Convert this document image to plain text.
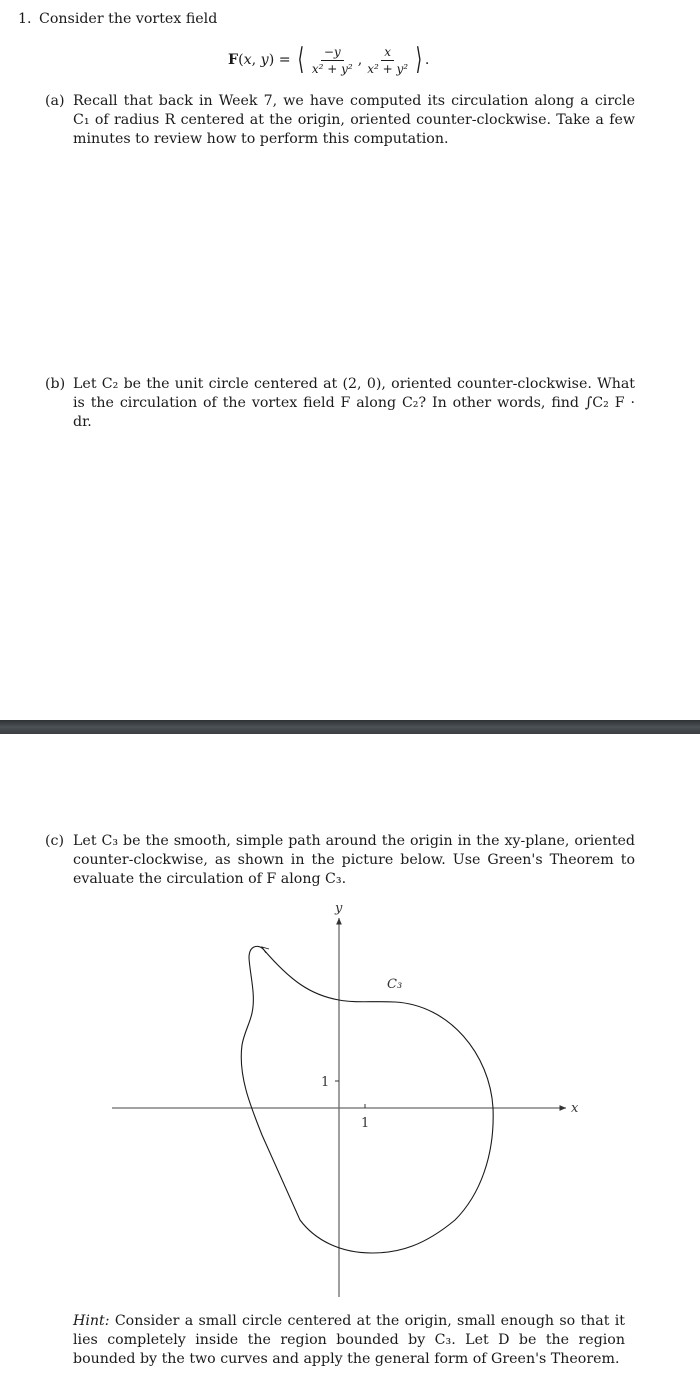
1. Consider the vortex field
F(x, y) = ⟨ $\frac{-y}{\text{x² + y²}}$ , $\frac{x}{\text{x² + y²}}$ ⟩ .
(a) Recall that back in Week 7, we have computed its circulation along a circle C₁ of radius R centered at the origin, oriented counter-clockwise. Take a few minutes to review how to perform this computation.
(b) Let C₂ be the unit circle centered at (2, 0), oriented counter-clockwise. What is the circulation of the vortex field F along C₂? In other words, find ∫C₂ F · dr.
(c) Let C₃ be the smooth, simple path around the origin in the xy-plane, oriented counter-clockwise, as shown in the picture below. Use Green's Theorem to evaluate the circulation of F along C₃.
1
1
x
y
C₃
Hint: Consider a small circle centered at the origin, small enough so that it lies completely inside the region bounded by C₃. Let D be the region bounded by the two curves and apply the general form of Green's Theorem.
